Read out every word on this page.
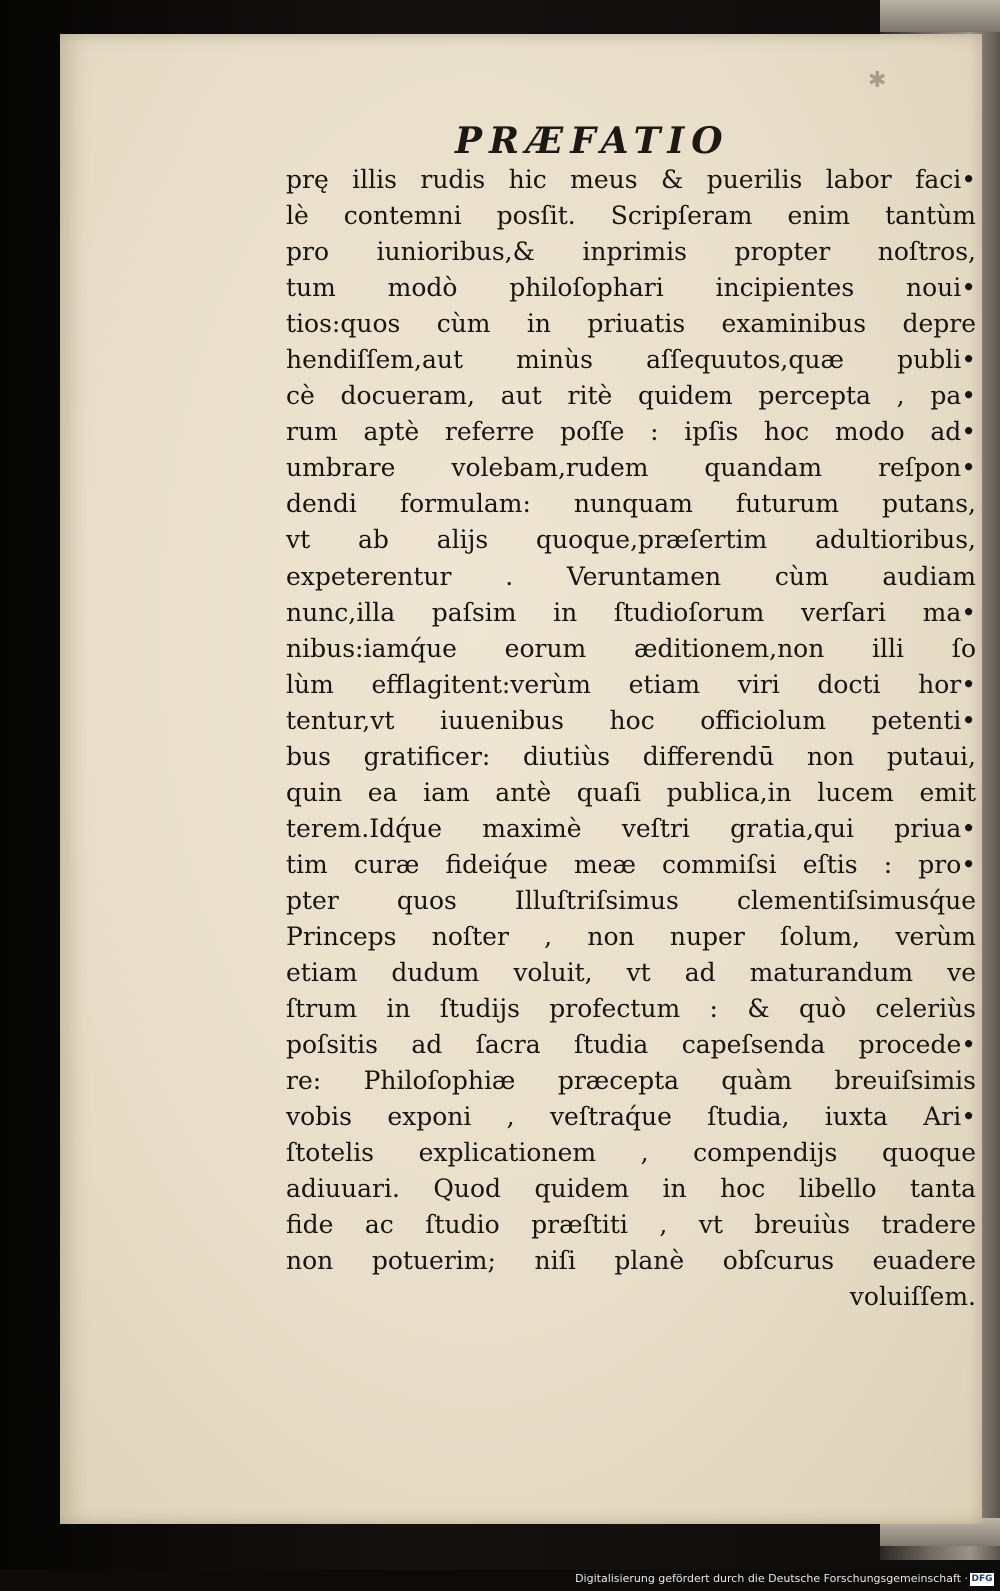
✱
PRÆFATIO
prę illis rudis hic meus & puerilis labor faci•
lè contemni posſit. Scripſeram enim tantùm
pro iunioribus,& inprimis propter noſtros,
tum modò philoſophari incipientes noui•
tios:quos cùm in priuatis examinibus depre
hendiſſem,aut minùs aſſequutos,quæ publi•
cè docueram, aut ritè quidem percepta , pa•
rum aptè referre poſſe : ipſis hoc modo ad•
umbrare volebam,rudem quandam reſpon•
dendi formulam: nunquam futurum putans,
vt ab alijs quoque,præſertim adultioribus,
expeterentur . Veruntamen cùm audiam
nunc,illa paſsim in ſtudioſorum verſari ma•
nibus:iamq́ue eorum æditionem,non illi ſo
lùm efflagitent:verùm etiam viri docti hor•
tentur,vt iuuenibus hoc officiolum petenti•
bus gratificer: diutiùs differendū non putaui,
quin ea iam antè quaſi publica,in lucem emit
terem.Idq́ue maximè veſtri gratia,qui priua•
tim curæ fideiq́ue meæ commiſsi eſtis : pro•
pter quos Illuſtriſsimus clementiſsimusq́ue
Princeps noſter , non nuper ſolum, verùm
etiam dudum voluit, vt ad maturandum ve
ſtrum in ſtudijs profectum : & quò celeriùs
poſsitis ad ſacra ſtudia capeſsenda procede•
re: Philoſophiæ præcepta quàm breuiſsimis
vobis exponi , veſtraq́ue ſtudia, iuxta Ari•
ſtotelis explicationem , compendijs quoque
adiuuari. Quod quidem in hoc libello tanta
fide ac ſtudio præſtiti , vt breuiùs tradere
non potuerim; niſi planè obſcurus euadere
voluiſſem.
Digitalisierung gefördert durch die Deutsche Forschungsgemeinschaft · DFG
